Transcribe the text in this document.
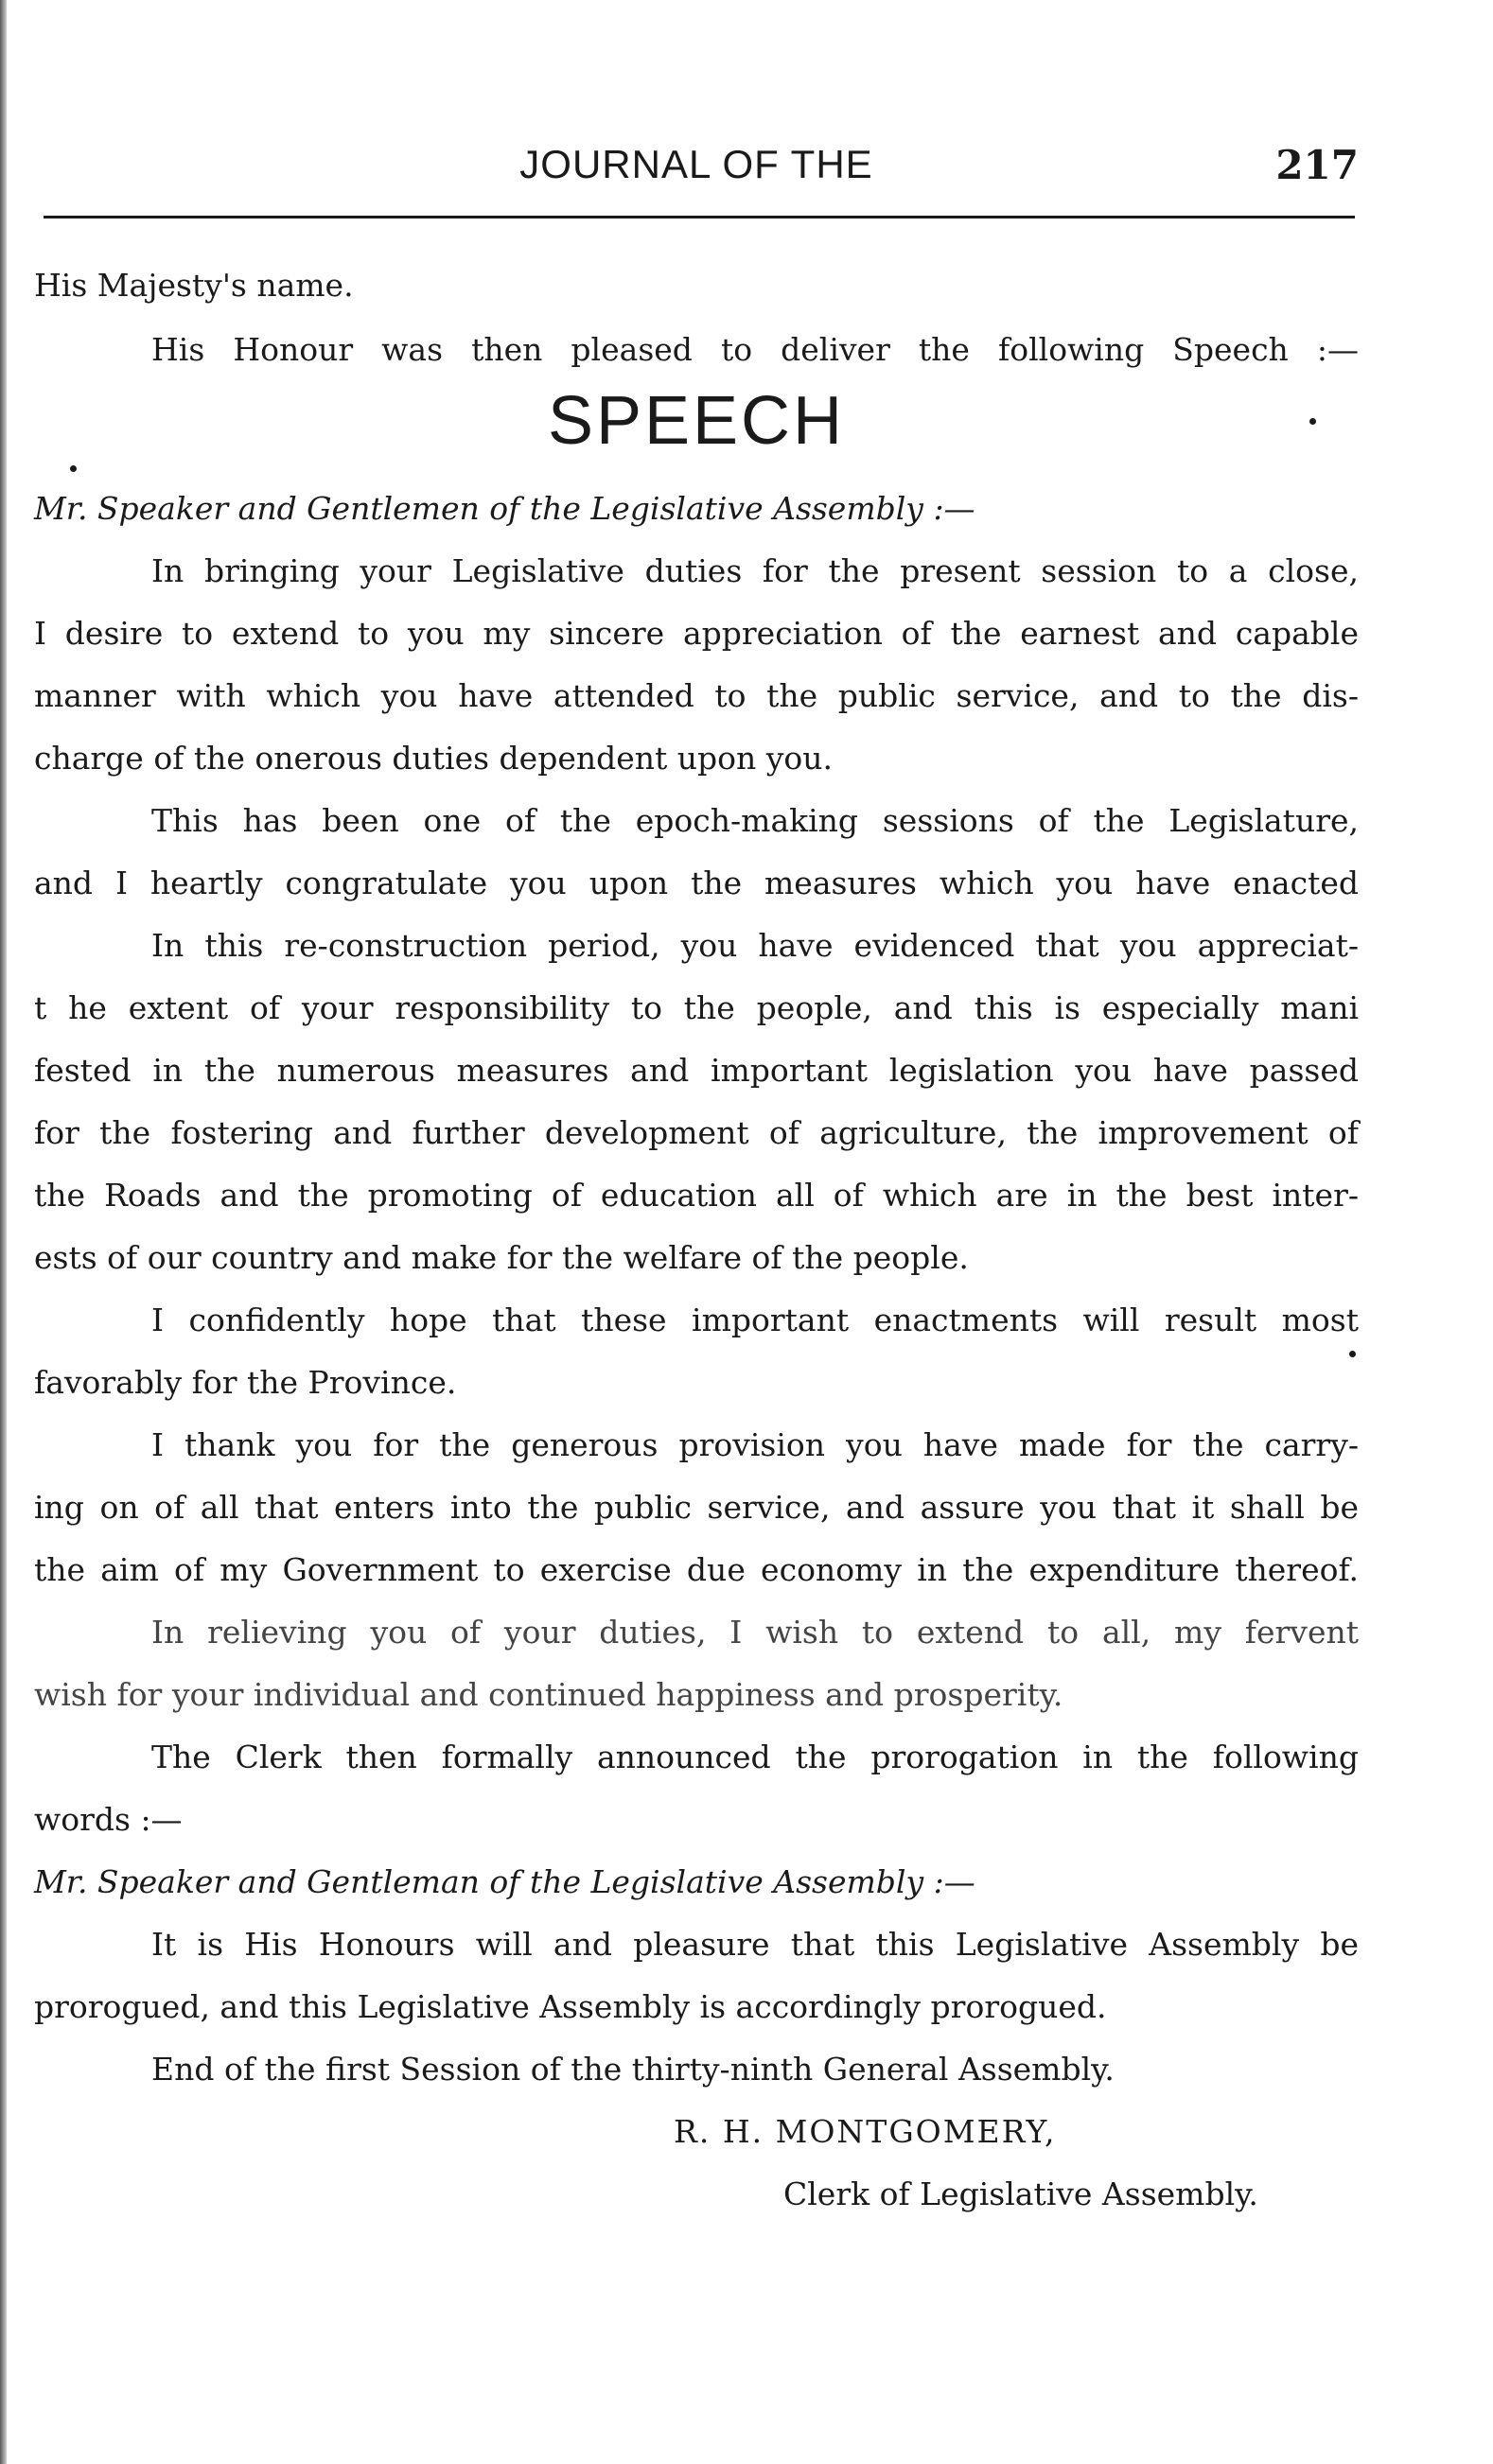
JOURNAL OF THE	217
His Majesty's name.
His Honour was then pleased to deliver the following Speech :—
SPEECH
Mr. Speaker and Gentlemen of the Legislative Assembly :—
In bringing your Legislative duties for the present session to a close,
I desire to extend to you my sincere appreciation of the earnest and capable
manner with which you have attended to the public service, and to the dis-
charge of the onerous duties dependent upon you.
This has been one of the epoch-making sessions of the Legislature,
and I heartly congratulate you upon the measures which you have enacted
In this re-construction period, you have evidenced that you appreciat-
t he extent of your responsibility to the people, and this is especially mani
fested in the numerous measures and important legislation you have passed
for the fostering and further development of agriculture, the improvement of
the Roads and the promoting of education all of which are in the best inter-
ests of our country and make for the welfare of the people.
I confidently hope that these important enactments will result most
favorably for the Province.
I thank you for the generous provision you have made for the carry-
ing on of all that enters into the public service, and assure you that it shall be
the aim of my Government to exercise due economy in the expenditure thereof.
In relieving you of your duties, I wish to extend to all, my fervent
wish for your individual and continued happiness and prosperity.
The Clerk then formally announced the prorogation in the following
words :—
Mr. Speaker and Gentleman of the Legislative Assembly :—
It is His Honours will and pleasure that this Legislative Assembly be
prorogued, and this Legislative Assembly is accordingly prorogued.
End of the first Session of the thirty-ninth General Assembly.
R. H. MONTGOMERY,
Clerk of Legislative Assembly.
